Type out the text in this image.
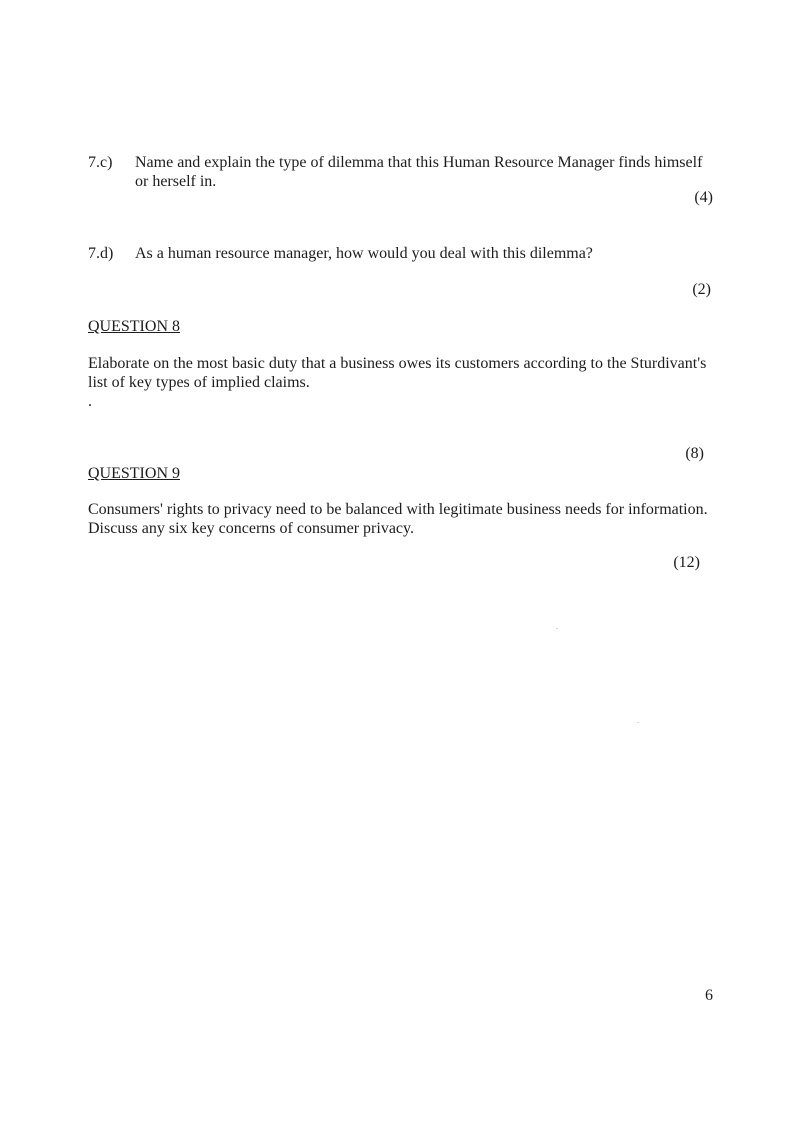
7.c) Name and explain the type of dilemma that this Human Resource Manager finds himself

or herself in.

(4)

7.d) As a human resource manager, how would you deal with this dilemma?

(2)

QUESTION 8

Elaborate on the most basic duty that a business owes its customers according to the Sturdivant's

list of key types of implied claims.

.

(8)

QUESTION 9

Consumers' rights to privacy need to be balanced with legitimate business needs for information.

Discuss any six key concerns of consumer privacy.

(12)

6
